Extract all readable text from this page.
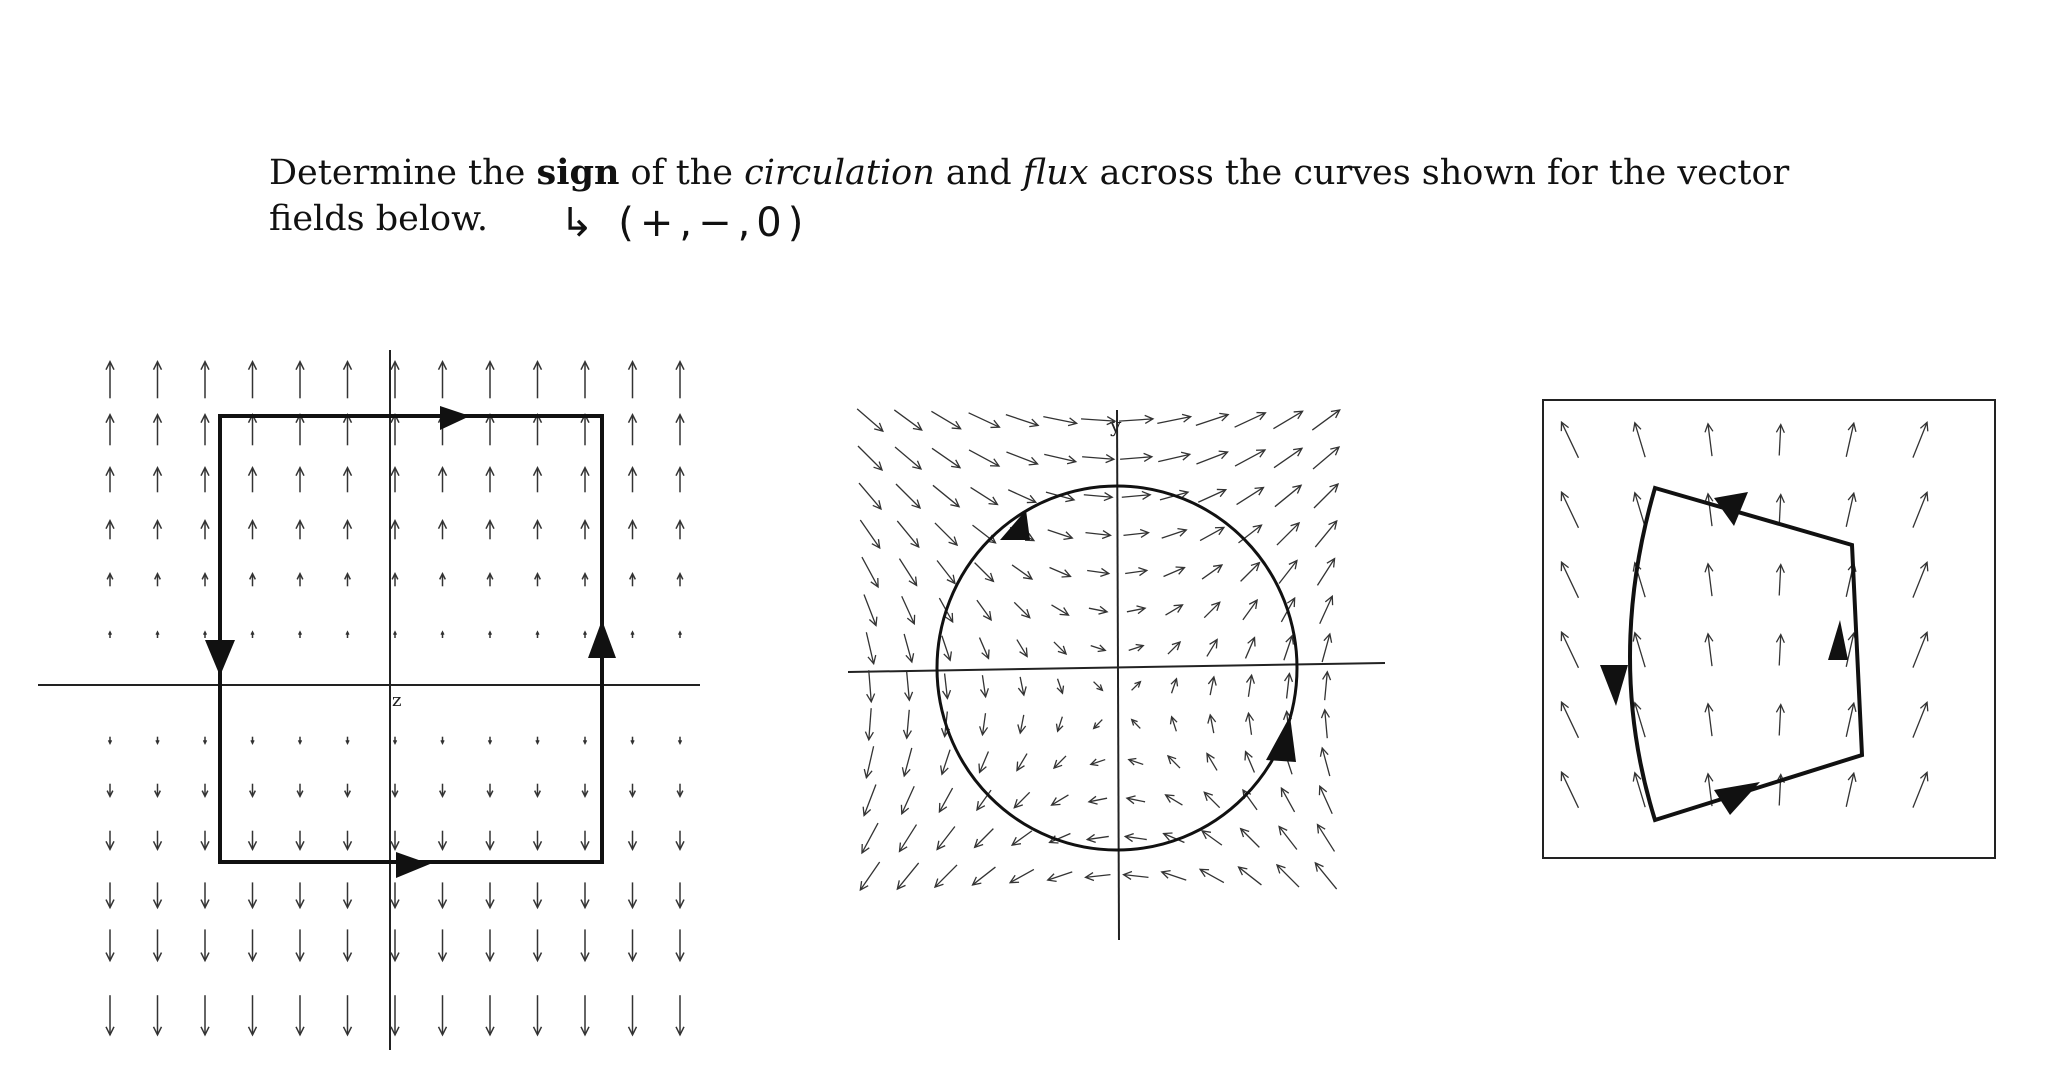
Determine the sign of the circulation and flux across the curves shown for the vector
fields below.	↳ (+,−,0)
z
y
